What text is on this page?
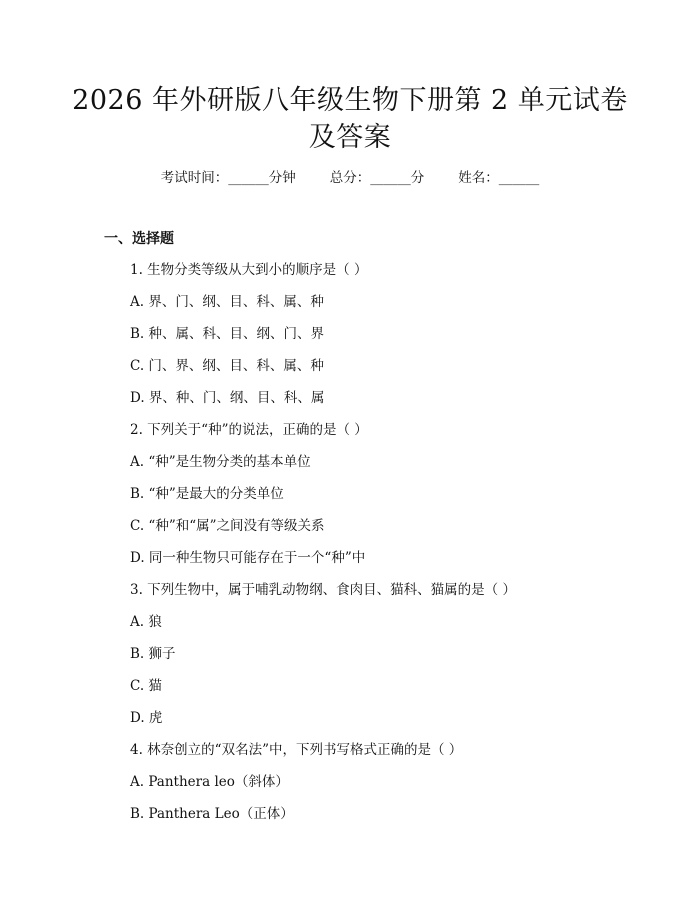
2026 年外研版八年级生物下册第 2 单元试卷
及答案
考试时间：______分钟	总分：______分	姓名：______
一、选择题
1. 生物分类等级从大到小的顺序是（ ）
A. 界、门、纲、目、科、属、种
B. 种、属、科、目、纲、门、界
C. 门、界、纲、目、科、属、种
D. 界、种、门、纲、目、科、属
2. 下列关于“种”的说法，正确的是（ ）
A. “种”是生物分类的基本单位
B. “种”是最大的分类单位
C. “种”和“属”之间没有等级关系
D. 同一种生物只可能存在于一个“种”中
3. 下列生物中，属于哺乳动物纲、食肉目、猫科、猫属的是（ ）
A. 狼
B. 狮子
C. 猫
D. 虎
4. 林奈创立的“双名法”中，下列书写格式正确的是（ ）
A. Panthera leo（斜体）
B. Panthera Leo（正体）
